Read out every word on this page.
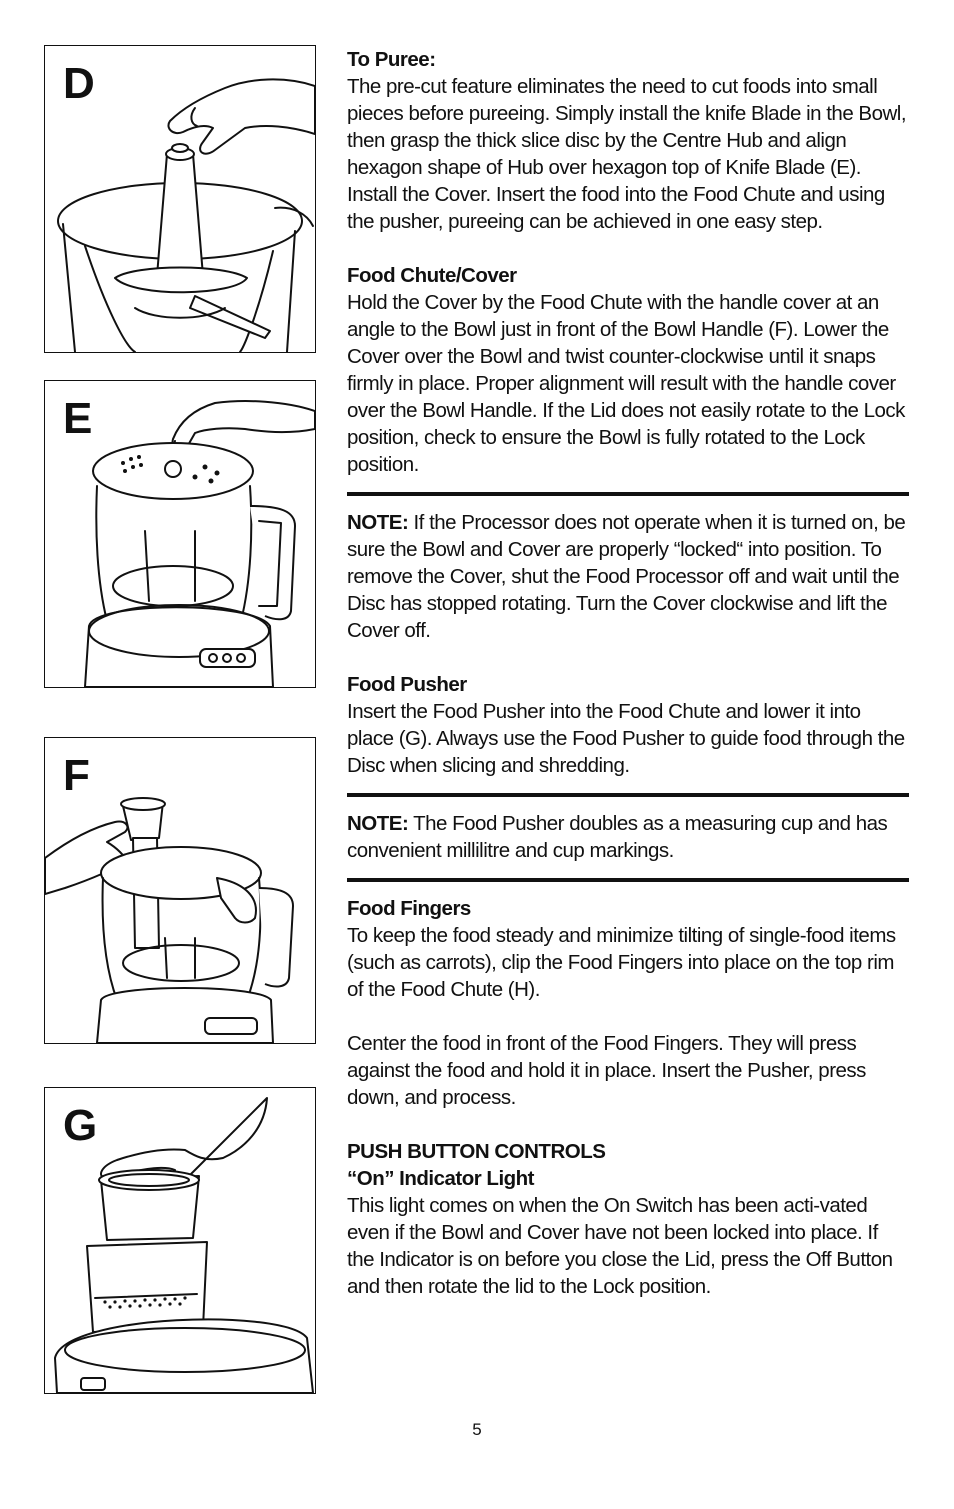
D
E
F
G

To Puree:

The pre-cut feature eliminates the need to cut foods into small pieces before pureeing. Simply install the knife Blade in the Bowl, then grasp the thick slice disc by the Centre Hub and align hexagon shape of Hub over hexagon top of Knife Blade (E). Install the Cover. Insert the food into the Food Chute and using the pusher, pureeing can be achieved in one easy step.

Food Chute/Cover

Hold the Cover by the Food Chute with the handle cover at an angle to the Bowl just in front of the Bowl Handle (F). Lower the Cover over the Bowl and twist counter-clockwise until it snaps firmly in place. Proper alignment will result with the handle cover over the Bowl Handle. If the Lid does not easily rotate to the Lock position, check to ensure the Bowl is fully rotated to the Lock position.

NOTE: If the Processor does not operate when it is turned on, be sure the Bowl and Cover are properly “locked“ into position. To remove the Cover, shut the Food Processor off and wait until the Disc has stopped rotating. Turn the Cover clockwise and lift the Cover off.

Food Pusher

Insert the Food Pusher into the Food Chute and lower it into place (G). Always use the Food Pusher to guide food through the Disc when slicing and shredding.

NOTE: The Food Pusher doubles as a measuring cup and has convenient millilitre and cup markings.

Food Fingers

To keep the food steady and minimize tilting of single-food items (such as carrots), clip the Food Fingers into place on the top rim of the Food Chute (H).

Center the food in front of the Food Fingers. They will press against the food and hold it in place. Insert the Pusher, press down, and process.

PUSH BUTTON CONTROLS

“On” Indicator Light

This light comes on when the On Switch has been acti-vated even if the Bowl and Cover have not been locked into place. If the Indicator is on before you close the Lid, press the Off Button and then rotate the lid to the Lock position.

5
